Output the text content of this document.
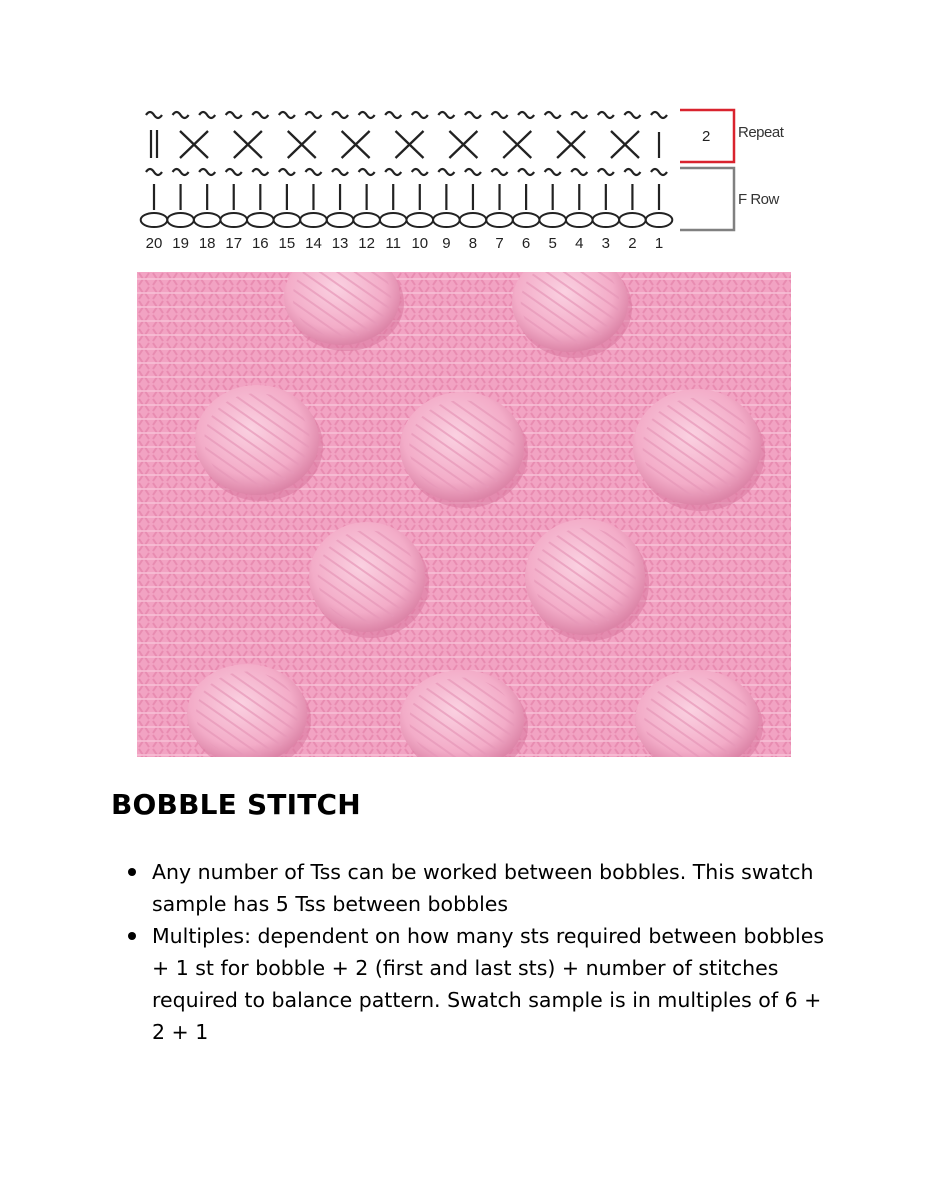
20 19 18 17 16 15 14 13 12 11 10 9 8 7 6 5 4 3 2 1
2 Repeat
F Row
BOBBLE STITCH
Any number of Tss can be worked between bobbles. This swatch sample has 5 Tss between bobbles
Multiples: dependent on how many sts required between bobbles + 1 st for bobble + 2 (first and last sts) + number of stitches required to balance pattern. Swatch sample is in multiples of 6 + 2 + 1
